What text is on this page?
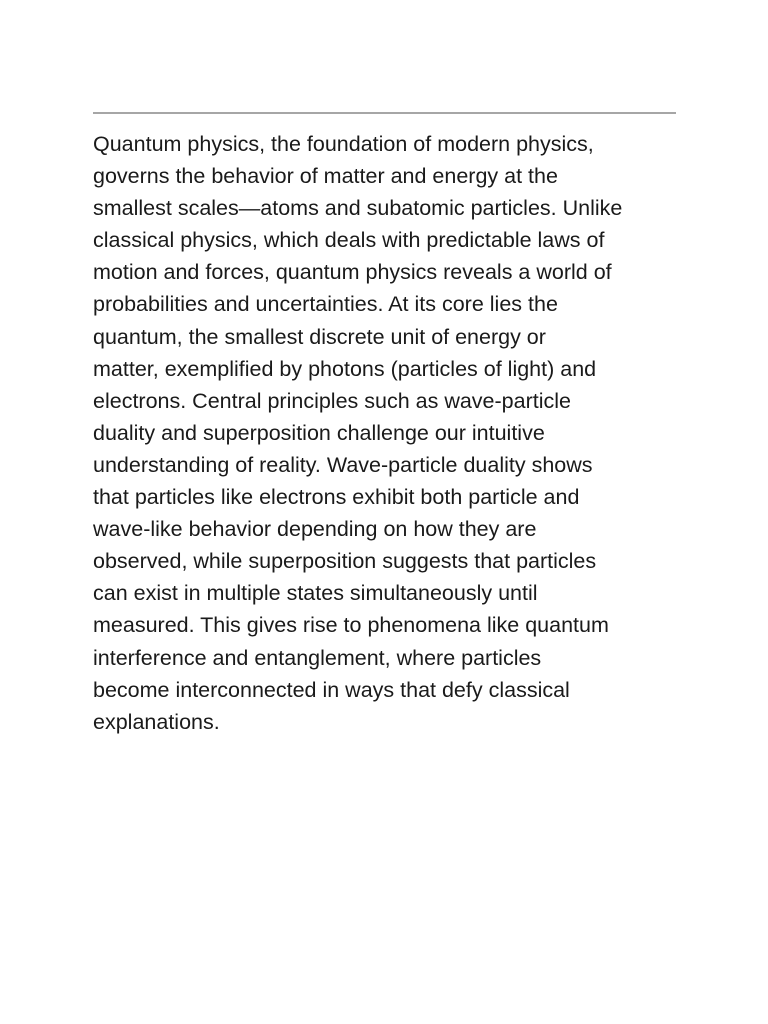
Quantum physics, the foundation of modern physics,
governs the behavior of matter and energy at the
smallest scales—atoms and subatomic particles. Unlike
classical physics, which deals with predictable laws of
motion and forces, quantum physics reveals a world of
probabilities and uncertainties. At its core lies the
quantum, the smallest discrete unit of energy or
matter, exemplified by photons (particles of light) and
electrons. Central principles such as wave-particle
duality and superposition challenge our intuitive
understanding of reality. Wave-particle duality shows
that particles like electrons exhibit both particle and
wave-like behavior depending on how they are
observed, while superposition suggests that particles
can exist in multiple states simultaneously until
measured. This gives rise to phenomena like quantum
interference and entanglement, where particles
become interconnected in ways that defy classical
explanations.
